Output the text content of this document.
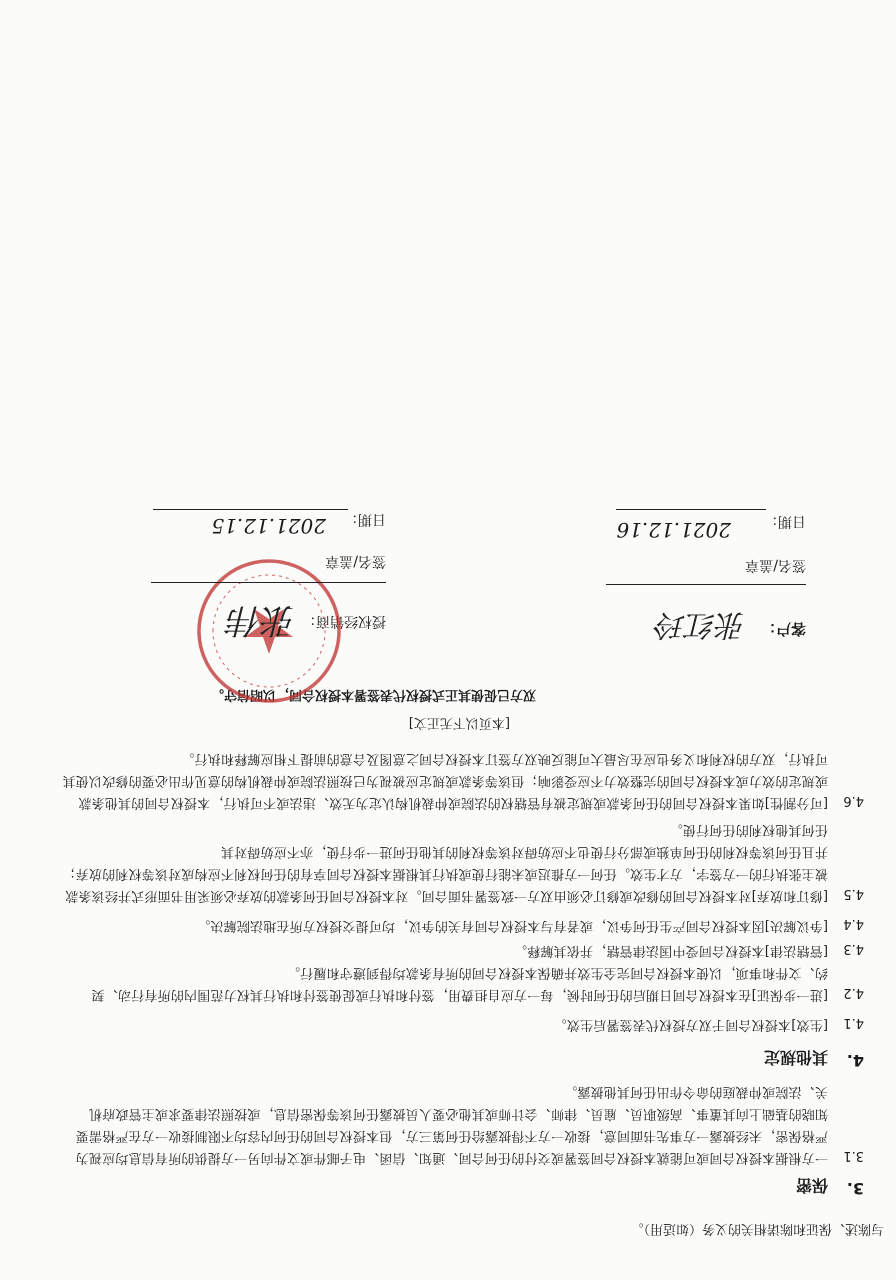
与陈述、保证和陈诺相关的义务（如适用）。
3.
保密
3.1
一方根据本授权合同或可能就本授权合同签署或交付的任何合同、通知、信函、电子邮件或文件向另一方提供的所有信息均应视为
严格保密，未经披露一方事先书面同意，接收一方不得披露给任何第三方，但本授权合同的任何内容均不限制接收一方在严格需要
知晓的基础上向其董事、高级职员、雇员、律师、会计师或其他必要人员披露任何该等保密信息，或按照法律要求或主管政府机
关、法院或仲裁庭的命令作出任何其他披露。
4.
其他规定
4.1
[生效]本授权合同于双方授权代表签署后生效。
4.2
[进一步保证]在本授权合同日期后的任何时候，每一方应自担费用，签付和执行或促使签付和执行其权力范围内的所有行动、契
约、文件和事项，以使本授权合同完全生效并确保本授权合同的所有条款均得到遵守和履行。
4.3
[管辖法律]本授权合同受中国法律管辖，并依其解释。
4.4
[争议解决]因本授权合同产生任何争议，或者有与本授权合同有关的争议，均可提交授权方所在地法院解决。
4.5
[修订和放弃]对本授权合同的修改或修订必须由双方一致签署书面合同。对本授权合同任何条款的放弃必须采用书面形式并经该条款
被主张执行的一方签字，方才生效。任何一方推迟或未能行使或执行其根据本授权合同享有的任何权利不应构成对该等权利的放弃；
并且任何该等权利的任何单独或部分行使也不应妨碍对该等权利的其他任何进一步行使，亦不应妨碍对其
任何其他权利的任何行使。
4.6
[可分割性]如果本授权合同的任何条款或规定被有管辖权的法院或仲裁机构认定为无效、违法或不可执行，本授权合同的其他条款
或规定的效力或本授权合同的完整效力不应受影响；但该等条款或规定应被视为已按照法院或仲裁机构的意见作出必要的修改以使其
可执行，双方的权利和义务也应在尽最大可能反映双方签订本授权合同之意图及合意的前提下相应解释和执行。
[本页以下无正文]
双方已促使其正式授权代表签署本授权合同，以昭信守。
客户：
张红玲
签名/盖章
日期：
2021.12.16
授权经销商：
张伟
签名/盖章
日期：
2021.12.15
